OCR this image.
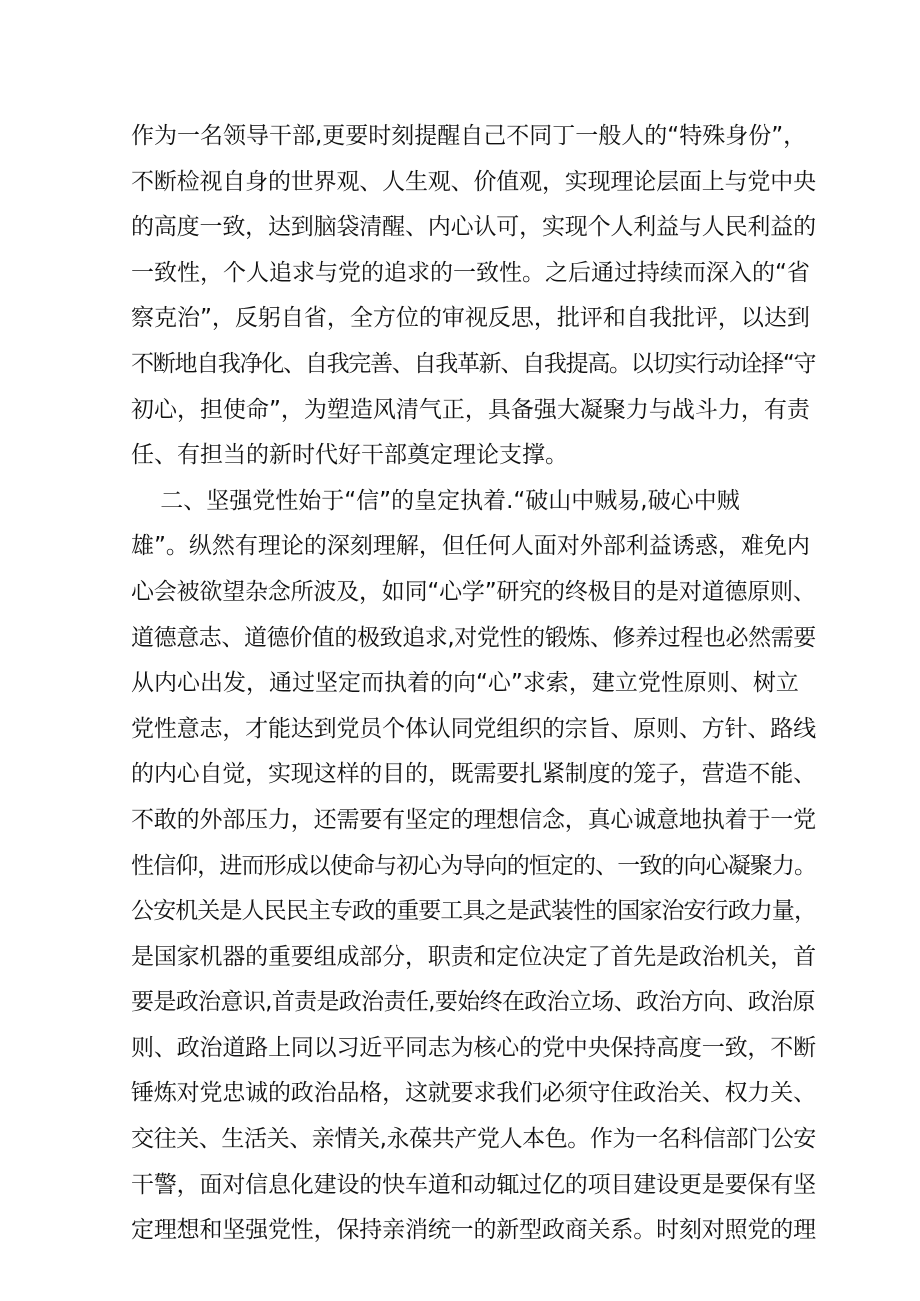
作为一名领导干部,更要时刻提醒自己不同丁一般人的“特殊身份”，
不断检视自身的世界观、人生观、价值观，实现理论层面上与党中央
的高度一致，达到脑袋清醒、内心认可，实现个人利益与人民利益的
一致性，个人追求与党的追求的一致性。之后通过持续而深入的“省
察克治”，反躬自省，全方位的审视反思，批评和自我批评，以达到
不断地自我净化、自我完善、自我革新、自我提高。以切实行动诠择“守
初心，担使命”，为塑造风清气正，具备强大凝聚力与战斗力，有责
任、有担当的新时代好干部奠定理论支撑。
二、坚强党性始于“信”的皇定执着.“破山中贼易,破心中贼
雄”。纵然有理论的深刻理解，但任何人面对外部利益诱惑，难免内
心会被欲望杂念所波及，如同“心学”研究的终极目的是对道德原则、
道德意志、道德价值的极致追求,对党性的锻炼、修养过程也必然需要
从内心出发，通过坚定而执着的向“心”求索，建立党性原则、树立
党性意志，才能达到党员个体认同党组织的宗旨、原则、方针、路线
的内心自觉，实现这样的目的，既需要扎紧制度的笼子，营造不能、
不敢的外部压力，还需要有坚定的理想信念，真心诚意地执着于一党
性信仰，进而形成以使命与初心为导向的恒定的、一致的向心凝聚力。
公安机关是人民民主专政的重要工具之是武装性的国家治安行政力量，
是国家机器的重要组成部分，职责和定位决定了首先是政治机关，首
要是政治意识,首责是政治责任,要始终在政治立场、政治方向、政治原
则、政治道路上同以习近平同志为核心的党中央保持高度一致，不断
锤炼对党忠诚的政治品格，这就要求我们必须守住政治关、权力关、
交往关、生活关、亲情关,永葆共产党人本色。作为一名科信部门公安
干警，面对信息化建设的快车道和动辄过亿的项目建设更是要保有坚
定理想和坚强党性，保持亲消统一的新型政商关系。时刻对照党的理
